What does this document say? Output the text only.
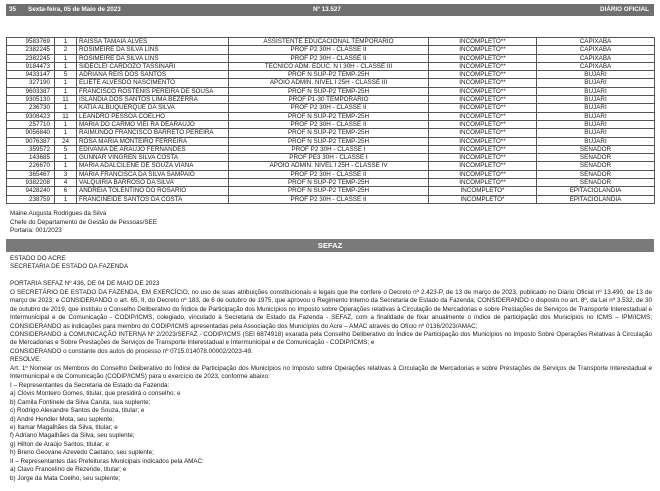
35 Sexta-feira, 05 de Maio de 2023	Nº 13.527	DIÁRIO OFICIAL
9583769	1	RAISSA TAMAIA ALVES	ASSISTENTE EDUCACIONAL TEMPORARIO	INCOMPLETO**	CAPIXABA
2382245	2	ROSIMEIRE DA SILVA LINS	PROF P2 30H - CLASSE II	INCOMPLETO**	CAPIXABA
2382245	1	ROSIMEIRE DA SILVA LINS	PROF P2 30H - CLASSE II	INCOMPLETO**	CAPIXABA
9184473	1	SIDECLEI CARDOZO TASSINARI	TECNICO ADM. EDUC. N I 30H - CLASSE III	INCOMPLETO**	CAPIXABA
9433147	5	ADRIANA REIS DOS SANTOS	PROF N SUP-P2 TEMP-25H	INCOMPLETO**	BUJARI
327190	1	ELIETE ALVESDO NASCIMENTO	APOIO ADMIN. NIVEL I 25H - CLASSE III	INCOMPLETO**	BUJARI
9603387	1	FRANCISCO ROSTENIS PEREIRA DE SOUSA	PROF N SUP-P2 TEMP-25H	INCOMPLETO**	BUJARI
9305130	11	ISLANDIA DOS SANTOS LIMA BEZERRA	PROF P1-30 TEMPORARIO	INCOMPLETO**	BUJARI
236730	1	KATIA ALBUQUERQUE DA SILVA	PROF P2 30H - CLASSE II	INCOMPLETO**	BUJARI
9308423	11	LEANDRO PESSOA COELHO	PROF N SUP-P2 TEMP-25H	INCOMPLETO**	BUJARI
257710	1	MARIA DO CARMO VIEI RA DEARAUJO	PROF P2 30H - CLASSE II	INCOMPLETO**	BUJARI
9056840	1	RAIMUNDO FRANCISCO BARRETO PEREIRA	PROF N SUP-P2 TEMP-25H	INCOMPLETO**	BUJARI
9076387	24	ROSA MARIA MONTEIRO FERREIRA	PROF N SUP-P2 TEMP-25H	INCOMPLETO**	BUJARI
359572	5	EDIVANIA DE ARAUJO FERNANDES	PROF P2 30H - CLASSE I	INCOMPLETO**	SENADOR
143685	1	GUNNAR VINGREN SILVA COSTA	PROF PE3 30H - CLASSE I	INCOMPLETO**	SENADOR
226670	1	MARIA ADALCILENE DE SOUZA VIANA	APOIO ADMIN. NIVEL I 25H - CLASSE IV	INCOMPLETO**	SENADOR
365467	3	MARIA FRANCISCA DA SILVA SAMPAIO	PROF P2 30H - CLASSE II	INCOMPLETO**	SENADOR
9382208	4	VALQUIRIA BARROSO DA SILVA	PROF N SUP-P2 TEMP-25H	INCOMPLETO**	SENADOR
9428240	6	ANDREIA TOLENTINO DO ROSARIO	PROF N SUP-P2 TEMP-25H	INCOMPLETO*	EPITACIOLANDIA
238759	1	FRANCINEIDE SANTOS DA COSTA	PROF P2 30H - CLASSE II	INCOMPLETO*	EPITACIOLANDIA
Maine Augusta Rodrigues da Silva
Chefe do Departamento de Gestão de Pessoas/SEE
Portaria: 001/2023
SEFAZ

ESTADO DO ACRE

SECRETARIA DE ESTADO DA FAZENDA

PORTARIA SEFAZ Nº 436, DE 04 DE MAIO DE 2023

O SECRETÁRIO DE ESTADO DA FAZENDA, EM EXERCÍCIO, no uso de suas atribuições constitucionais e legais que lhe confere o Decreto nº 2.423-P, de 13 de março de 2023, publicado no Diário Oficial nº 13.490, de 13 de março de 2023; e CONSIDERANDO o art. 65, II, do Decreto nº 183, de 6 de outubro de 1975, que aprovou o Regimento Interno da Secretaria de Estado da Fazenda; CONSIDERANDO o disposto no art. 8º, da Lei nº 3.532, de 30 de outubro de 2019, que instituiu o Conselho Deliberativo do Índice de Participação dos Municípios no Imposto sobre Operações relativas à Circulação de Mercadorias e sobre Prestações de Serviços de Transporte Interestadual e Intermunicipal e de Comunicação - CODIP/ICMS, colegiado, vinculado à Secretaria de Estado da Fazenda - SEFAZ, com a finalidade de fixar anualmente o índice de participação dos Municípios no ICMS – IPM/ICMS; CONSIDERANDO as indicações para membro do CODIP/ICMS apresentadas pela Associação dos Municípios do Acre – AMAC através do Ofício nº 0136/2023/AMAC;

CONSIDERANDO a COMUNICAÇÃO INTERNA Nº 2/2023/SEFAZ - CODIP/ICMS (SEI 6874918) exarada pela Conselho Deliberativo do Índice de Participação dos Municípios no Imposto Sobre Operações Relativas à Circulação de Mercadorias e Sobre Prestações de Serviços de Transporte Interestadual e Intermunicipal e de Comunicação - CODIP/ICMS; e

CONSIDERANDO o constante dos autos do processo nº 0715.014078.00002/2023-49.

RESOLVE:

Art. 1º Nomear os Membros do Conselho Deliberativo do Índice de Participação dos Municípios no Imposto sobre Operações relativas à Circulação de Mercadorias e sobre Prestações de Serviços de Transporte Interestadual e Intermunicipal e de Comunicação (CODIP/ICMS) para o exercício de 2023, conforme abaixo:

I – Representantes da Secretaria de Estado da Fazenda:

a) Clóvis Monteiro Gomes, titular, que presidirá o conselho; e

b) Camila Fontinele da Silva Caruta, sua suplente;

c) Rodrigo Alexandre Santos de Souza, titular; e

d) André Hendler Mota, seu suplente;

e) Itamar Magalhães da Silva, titular; e

f) Adriano Magalhães da Silva, seu suplente;

g) Hilton de Araújo Santos, titular; e

h) Breno Geovane Azevedo Caetano, seu suplente;

II – Representantes das Prefeituras Municipais indicados pela AMAC:

a) Clavo Francelino de Rezende, titular; e

b) Jorge da Mata Coelho, seu suplente;
